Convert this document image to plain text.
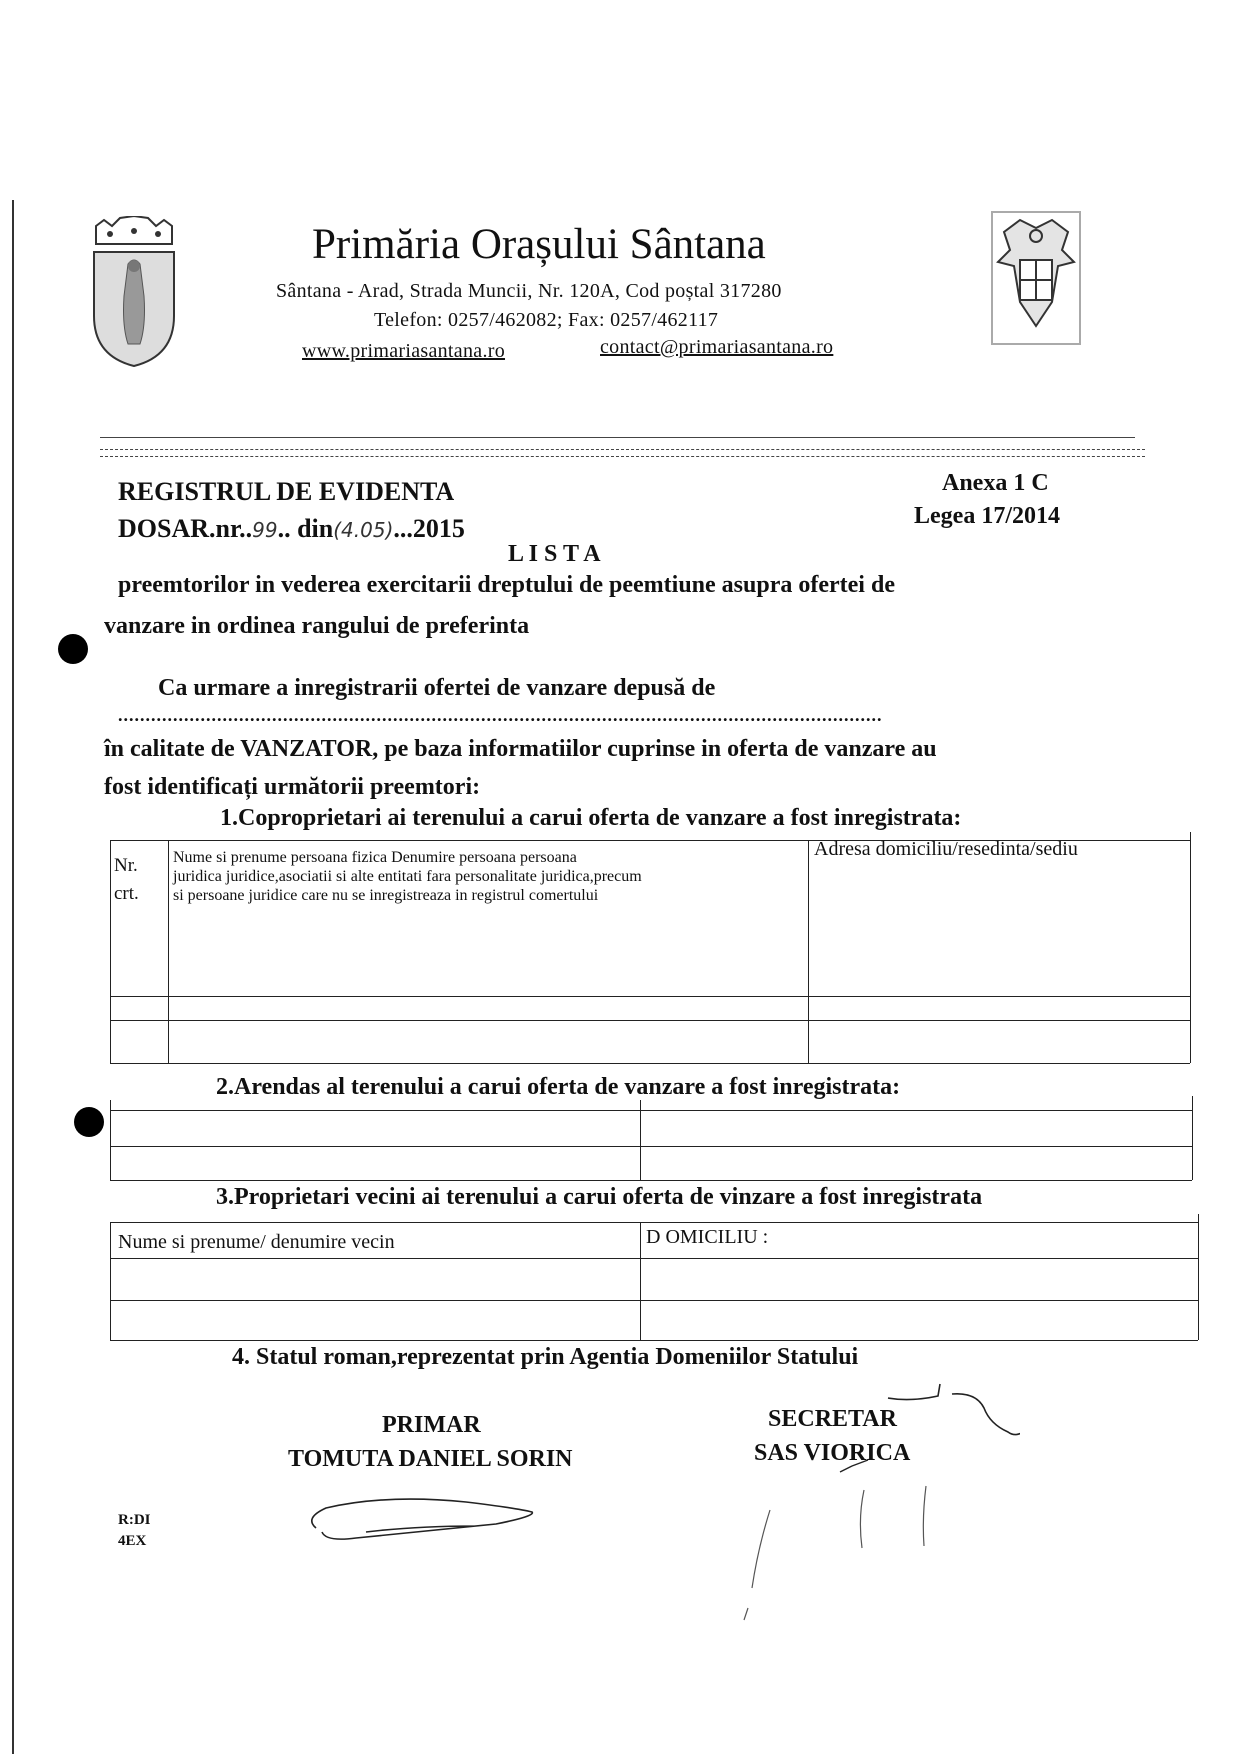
Primăria Orașului Sântana
Sântana - Arad, Strada Muncii, Nr. 120A, Cod poștal 317280
Telefon: 0257/462082; Fax: 0257/462117
www.primariasantana.ro	contact@primariasantana.ro
REGISTRUL DE EVIDENTA
DOSAR.nr..99.. din(4.05)...2015
Anexa 1 C
Legea 17/2014
L I S T A
preemtorilor in vederea exercitarii dreptului de peemtiune asupra ofertei de
vanzare in ordinea rangului de preferinta
Ca urmare a inregistrarii ofertei de vanzare depusă de
...........................................................................................................................................
în calitate de VANZATOR, pe baza informatiilor cuprinse in oferta de vanzare au
fost identificați următorii preemtori:
1.Coproprietari ai terenului a carui oferta de vanzare a fost inregistrata:
Nr. crt.
Nume si prenume persoana fizica Denumire persoana persoana
juridica juridice,asociatii si alte entitati fara personalitate juridica,precum
si persoane juridice care nu se inregistreaza in registrul comertului
Adresa domiciliu/resedinta/sediu
2.Arendas al terenului a carui oferta de vanzare a fost inregistrata:
3.Proprietari vecini ai terenului a carui oferta de vinzare a fost inregistrata
Nume si prenume/ denumire vecin	D OMICILIU :
4. Statul roman,reprezentat prin Agentia Domeniilor Statului
PRIMAR
TOMUTA DANIEL SORIN
SECRETAR
SAS VIORICA
R:DI
4EX
